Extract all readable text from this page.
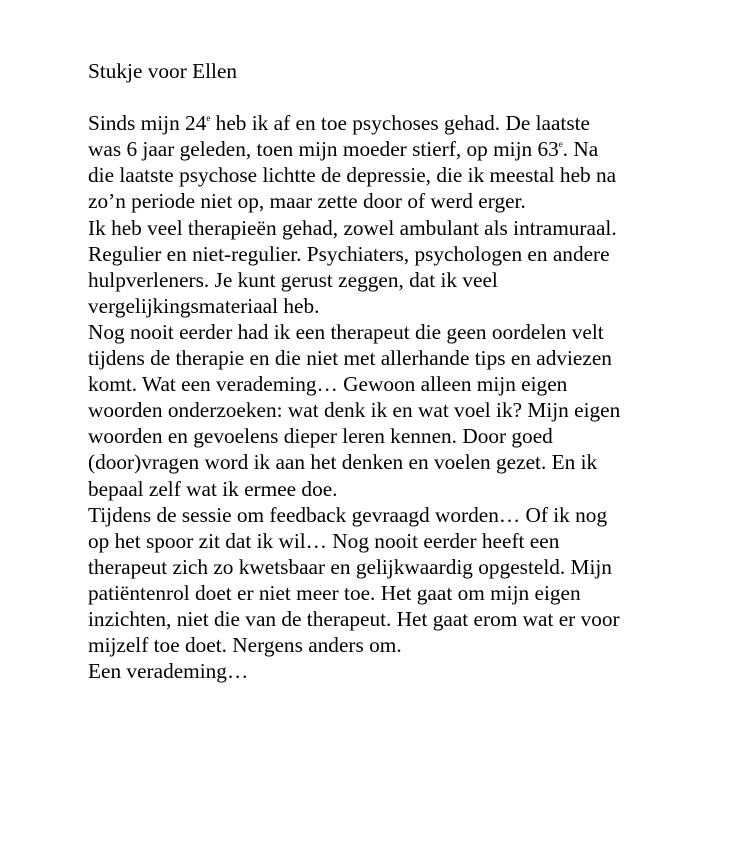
Stukje voor Ellen
Sinds mijn 24e heb ik af en toe psychoses gehad. De laatste
was 6 jaar geleden, toen mijn moeder stierf, op mijn 63e. Na
die laatste psychose lichtte de depressie, die ik meestal heb na
zo’n periode niet op, maar zette door of werd erger.
Ik heb veel therapieën gehad, zowel ambulant als intramuraal.
Regulier en niet-regulier. Psychiaters, psychologen en andere
hulpverleners. Je kunt gerust zeggen, dat ik veel
vergelijkingsmateriaal heb.
Nog nooit eerder had ik een therapeut die geen oordelen velt
tijdens de therapie en die niet met allerhande tips en adviezen
komt. Wat een verademing… Gewoon alleen mijn eigen
woorden onderzoeken: wat denk ik en wat voel ik? Mijn eigen
woorden en gevoelens dieper leren kennen. Door goed
(door)vragen word ik aan het denken en voelen gezet. En ik
bepaal zelf wat ik ermee doe.
Tijdens de sessie om feedback gevraagd worden… Of ik nog
op het spoor zit dat ik wil… Nog nooit eerder heeft een
therapeut zich zo kwetsbaar en gelijkwaardig opgesteld. Mijn
patiëntenrol doet er niet meer toe. Het gaat om mijn eigen
inzichten, niet die van de therapeut. Het gaat erom wat er voor
mijzelf toe doet. Nergens anders om.
Een verademing…
